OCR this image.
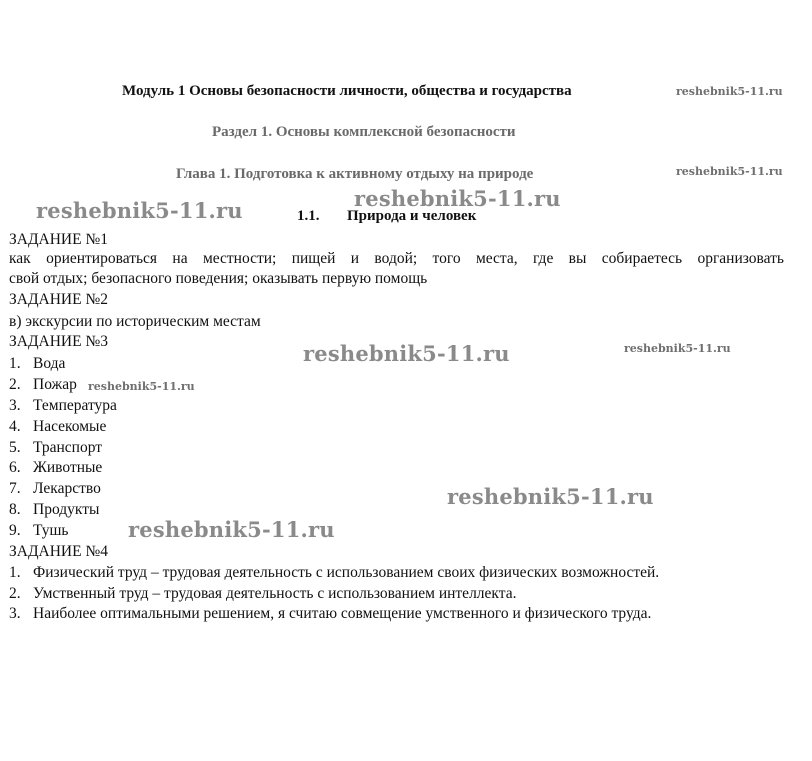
Модуль 1 Основы безопасности личности, общества и государства
Раздел 1. Основы комплексной безопасности
Глава 1. Подготовка к активному отдыху на природе
1.1. Природа и человек
ЗАДАНИЕ №1
как ориентироваться на местности; пищей и водой; того места, где вы собираетесь организовать
свой отдых; безопасного поведения; оказывать первую помощь
ЗАДАНИЕ №2
в) экскурсии по историческим местам
ЗАДАНИЕ №3
1. Вода
2. Пожар
3. Температура
4. Насекомые
5. Транспорт
6. Животные
7. Лекарство
8. Продукты
9. Тушь
ЗАДАНИЕ №4
1. Физический труд – трудовая деятельность с использованием своих физических возможностей.
2. Умственный труд – трудовая деятельность с использованием интеллекта.
3. Наиболее оптимальными решением, я считаю совмещение умственного и физического труда.
reshebnik5-11.ru
reshebnik5-11.ru
reshebnik5-11.ru
reshebnik5-11.ru
reshebnik5-11.ru	reshebnik5-11.ru
reshebnik5-11.ru
reshebnik5-11.ru
reshebnik5-11.ru
